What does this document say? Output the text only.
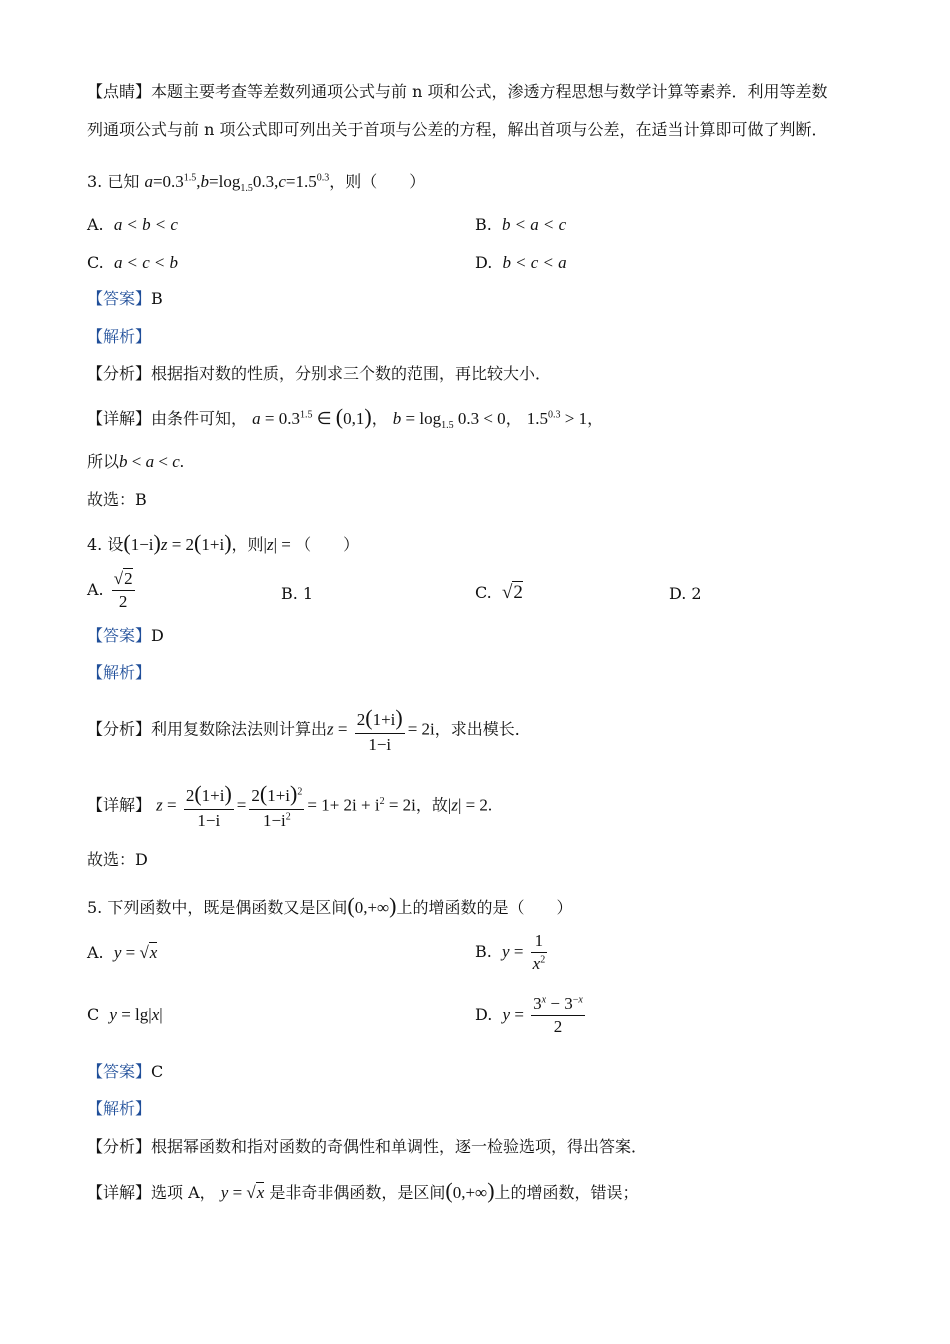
【点睛】本题主要考查等差数列通项公式与前 n 项和公式，渗透方程思想与数学计算等素养．利用等差数
列通项公式与前 n 项公式即可列出关于首项与公差的方程，解出首项与公差，在适当计算即可做了判断．
3. 已知 $a=0.3^{1.5},b=\log_{1.5}0.3,c=1.5^{0.3}$，则（　　）
A. a < b < c	B. b < a < c
C. a < c < b	D. b < c < a
【答案】B
【解析】
【分析】根据指对数的性质，分别求三个数的范围，再比较大小．
【详解】由条件可知， $a = 0.3^{1.5}$ ∈ (0,1)， $b = \log_{1.5} 0.3 < 0$， $1.5^{0.3} > 1$，
所以b < a < c.
故选：B
4. 设(1−i)z = 2(1+i)，则|z| = （　　）
A. $\frac{√2}{2}$	B. 1	C. √2	D. 2
【答案】D
【解析】
【分析】利用复数除法法则计算出$z = \frac{2(1+i)}{1-i} = 2i$，求出模长．
【详解】 $z = \frac{2(1+i)}{1-i} = \frac{2(1+i)^2}{1-i^2} = 1+ 2i + i^2 = 2i$，故|z| = 2.
故选：D
5. 下列函数中，既是偶函数又是区间(0,+∞)上的增函数的是（　　）
A. y = √x	B. $y = \frac{1}{x^2}$
C y = lg|x|	D. $y = \frac{3^x - 3^{-x}}{2}$
【答案】C
【解析】
【分析】根据幂函数和指对函数的奇偶性和单调性，逐一检验选项，得出答案．
【详解】选项 A， y = √x 是非奇非偶函数，是区间(0,+∞)上的增函数，错误；
